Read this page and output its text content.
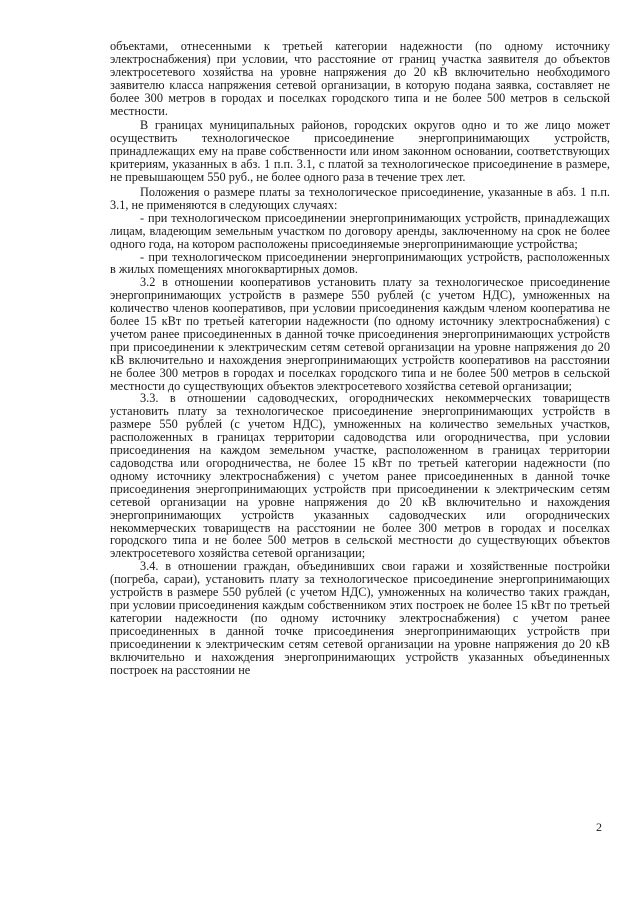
объектами, отнесенными к третьей категории надежности (по одному источнику электроснабжения) при условии, что расстояние от границ участка заявителя до объектов электросетевого хозяйства на уровне напряжения до 20 кВ включительно необходимого заявителю класса напряжения сетевой организации, в которую подана заявка, составляет не более 300 метров в городах и поселках городского типа и не более 500 метров в сельской местности.

В границах муниципальных районов, городских округов одно и то же лицо может осуществить технологическое присоединение энергопринимающих устройств, принадлежащих ему на праве собственности или ином законном основании, соответствующих критериям, указанных в абз. 1 п.п. 3.1, с платой за технологическое присоединение в размере, не превышающем 550 руб., не более одного раза в течение трех лет.

Положения о размере платы за технологическое присоединение, указанные в абз. 1 п.п. 3.1, не применяются в следующих случаях:

- при технологическом присоединении энергопринимающих устройств, принадлежащих лицам, владеющим земельным участком по договору аренды, заключенному на срок не более одного года, на котором расположены присоединяемые энергопринимающие устройства;

- при технологическом присоединении энергопринимающих устройств, расположенных в жилых помещениях многоквартирных домов.

3.2 в отношении кооперативов установить плату за технологическое присоединение энергопринимающих устройств в размере 550 рублей (с учетом НДС), умноженных на количество членов кооперативов, при условии присоединения каждым членом кооператива не более 15 кВт по третьей категории надежности (по одному источнику электроснабжения) с учетом ранее присоединенных в данной точке присоединения энергопринимающих устройств при присоединении к электрическим сетям сетевой организации на уровне напряжения до 20 кВ включительно и нахождения энергопринимающих устройств кооперативов на расстоянии не более 300 метров в городах и поселках городского типа и не более 500 метров в сельской местности до существующих объектов электросетевого хозяйства сетевой организации;

3.3. в отношении садоводческих, огороднических некоммерческих товариществ установить плату за технологическое присоединение энергопринимающих устройств в размере 550 рублей (с учетом НДС), умноженных на количество земельных участков, расположенных в границах территории садоводства или огородничества, при условии присоединения на каждом земельном участке, расположенном в границах территории садоводства или огородничества, не более 15 кВт по третьей категории надежности (по одному источнику электроснабжения) с учетом ранее присоединенных в данной точке присоединения энергопринимающих устройств при присоединении к электрическим сетям сетевой организации на уровне напряжения до 20 кВ включительно и нахождения энергопринимающих устройств указанных садоводческих или огороднических некоммерческих товариществ на расстоянии не более 300 метров в городах и поселках городского типа и не более 500 метров в сельской местности до существующих объектов электросетевого хозяйства сетевой организации;

3.4. в отношении граждан, объединивших свои гаражи и хозяйственные постройки (погреба, сараи), установить плату за технологическое присоединение энергопринимающих устройств в размере 550 рублей (с учетом НДС), умноженных на количество таких граждан, при условии присоединения каждым собственником этих построек не более 15 кВт по третьей категории надежности (по одному источнику электроснабжения) с учетом ранее присоединенных в данной точке присоединения энергопринимающих устройств при присоединении к электрическим сетям сетевой организации на уровне напряжения до 20 кВ включительно и нахождения энергопринимающих устройств указанных объединенных построек на расстоянии не

2
